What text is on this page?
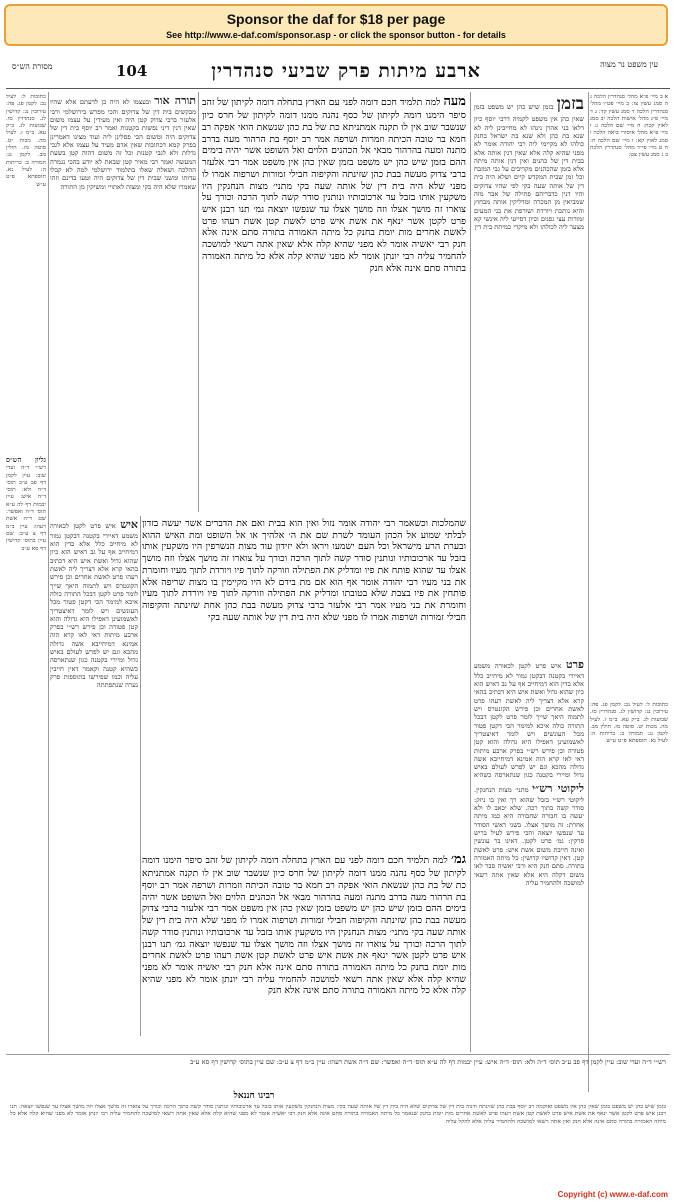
Sponsor the daf for $18 per page
See http://www.e-daf.com/sponsor.asp - or click the sponsor button - for details
מסורת הש״ס	104	ארבע מיתות פרק שביעי סנהדרין	עין משפט נר מצוה
א ב מיי׳ פ״א מהל׳ סנהדרין הלכה ג ה סמג עשין צז: ב מיי׳ פט״ו מהל׳ סנהדרין הלכה ד סמג עשין קד: ג ד מיי׳ פ״ג מהל׳ אישות הלכה יב סמג לאוין קכח: ה מיי׳ שם הלכה ג: ו מיי׳ פ״א מהל׳ איסורי ביאה הלכה ו סמג לאוין קא: ז מיי׳ שם הלכה ח: ח ט מיי׳ פי״ד מהל׳ סנהדרין הלכה ב ג סמג עשין צט:
בזמן בזמן שיש כהן יש משפט בזמן שאין כהן אין משפט לקמיה דרבי יוסף כיון דלאו בני אהרן נינהו לא מחייבינן ליה לא שנא בת כהן ולא שנא בת ישראל בחנק כולהו לא מקיימי ליה רבי יהודה אומר לא מפני שהיא קלה אלא שאין דנין אותה אלא בבית דין של כהנים ואין דנין אותה מיתה אלא בזמן שהכהנים מקריבים על גבי המזבח וכל זמן שבית המקדש קיים ושלא היה בית דין של אותה שעה בקי לפי שהיו צדוקים והיו דנין כדבריהם פתילה של אבר מזה שמביאין מן המכרה ומדליקין אותה מבחוץ והיא נותכת ויורדת ושורפת את בני המעים זמורות עצי גפנים וכיון דסייעי ליה אינשי קא מצער ליה לכולהו ולא מיקרי כמיתת בית דין
פרט איש פרט לקטן לכאורה משמע דאיירי בקטנה דבקטן גמור לא מיחייב כלל אלא בדין הוא דמיחייב אף על גב דאיש הוא כיון שהוא גדול ואשת איש היא דכתיב בהאי קרא אלא דצריך ליה לאשת רעהו פרט לאשת אחרים וכן פירש הקונטרס ויש לתמוה היאך שייך לומר פרט לקטן דבכל התורה כולה איכא למימר הכי דקטן פטור מכל העונשים ויש לומר דאיצטריך לאשמועינן דאפילו היא גדולה והוא קטן פטורה וכן פירש רש״י בפרק ארבע מיתות דאי לאו קרא הוה אמינא דמיחייבא אשה גדולה מהכא וגם יש לפרש לעולם באיש גדול ומיירי בקטנה כגון שנתארסה כשהיא
מעה למה תלמיד חכם דומה לפני עם הארץ בתחלה דומה לקיתון של זהב סיפר הימנו דומה לקיתון של כסף נהנה ממנו דומה לקיתון של חרס כיון שנשבר שוב אין לו תקנה אמתניתא כת של בת כהן שנשאת הואי אפקה רב חמא בר טובה הכיתה וזמרות ושרפה אמר רב יוסף בת הרהור מעה בדרב מתנה ומעה בהרהור מבאי אל הכהנים הלוים ואל השופט אשר יהיה בימים ההם בזמן שיש כהן יש משפט בזמן שאין כהן אין משפט אמר רבי אלעזר ברבי צדוק מעשה בבת כהן שזינתה והקיפוה חבילי זמורות ושרפוה אמרו לו מפני שלא היה בית דין של אותה שעה בקי מתני׳ מצות הנחנקין היו משקעין אותו בזבל עד ארכובותיו ונותנין סודר קשה לתוך הרכה וכורך על צוארו זה מושך אצלו וזה מושך אצלו עד שנפשו יוצאה גמ׳ תנו רבנן איש פרט לקטן אשר ינאף את אשת איש פרט לאשת קטן אשת רעהו פרט לאשת אחרים מות יומת בחנק כל מיתה האמורה בתורה סתם אינה אלא חנק רבי יאשיה אומר לא מפני שהיא קלה אלא שאין אתה רשאי למושכה להחמיר עליה רבי יונתן אומר לא מפני שהיא קלה אלא כל מיתה האמורה בתורה סתם אינה אלא חנק
שהמלכות וכשאמר רבי יהודה אומר נזול ואין הוא בבית ואם את הדברים אשר יעשה בזדון לבלתי שמוע אל הכהן העומד לשרת שם את ה׳ אלהיך או אל השופט ומת האיש ההוא ובערת הרע מישראל וכל העם ישמעו ויראו ולא יזידון עוד מצות הנשרפין היו משקעין אותו בזבל עד ארכובותיו ונותנין סודר קשה לתוך הרכה וכורך על צוארו זה מושך אצלו וזה מושך אצלו עד שהוא פותח את פיו ומדליק את הפתילה וזורקה לתוך פיו ויורדת לתוך מעיו וחומרת את בני מעיו רבי יהודה אומר אף הוא אם מת בידם לא היו מקיימין בו מצות שריפה אלא פותחין את פיו בצבת שלא בטובתו ומדליק את הפתילה וזורקה לתוך פיו ויורדת לתוך מעיו וחומרת את בני מעיו אמר רבי אלעזר ברבי צדוק מעשה בבת כהן אחת שזינתה והקיפוה חבילי זמורות ושרפוה אמרו לו מפני שלא היה בית דין של אותה שעה בקי
גמ׳ למה תלמיד חכם דומה לפני עם הארץ בתחלה דומה לקיתון של זהב סיפר הימנו דומה לקיתון של כסף נהנה ממנו דומה לקיתון של חרס כיון שנשבר שוב אין לו תקנה אמתניתא כת של בת כהן שנשאת הואי אפקה רב חמא בר טובה הכיתה וזמרות ושרפה אמר רב יוסף בת הרהור מעה בדרב מתנה ומעה בהרהור מבאי אל הכהנים הלוים ואל השופט אשר יהיה בימים ההם בזמן שיש כהן יש משפט בזמן שאין כהן אין משפט אמר רבי אלעזר ברבי צדוק מעשה בבת כהן שזינתה והקיפוה חבילי זמורות ושרפוה אמרו לו מפני שלא היה בית דין של אותה שעה בקי מתני׳ מצות הנחנקין היו משקעין אותו בזבל עד ארכובותיו ונותנין סודר קשה לתוך הרכה וכורך על צוארו זה מושך אצלו וזה מושך אצלו עד שנפשו יוצאה גמ׳ תנו רבנן איש פרט לקטן אשר ינאף את אשת איש פרט לאשת קטן אשת רעהו פרט לאשת אחרים מות יומת בחנק כל מיתה האמורה בתורה סתם אינה אלא חנק רבי יאשיה אומר לא מפני שהיא קלה אלא שאין אתה רשאי למושכה להחמיר עליה רבי יונתן אומר לא מפני שהיא קלה אלא כל מיתה האמורה בתורה סתם אינה אלא חנק
תורה אור ובעצמו לא היה כן לדעתם אלא שהיו מבקשים בית דין של צדוקים והכי מפרש בירושלמי ורבי אלעזר ברבי צדוק קטן היה ואין מעידין על עצמו משום שאין דנין דיני נפשות בקטנות ואמר רב יוסף בית דין של צדוקים היה ומשום הכי פסלינן ליה ועוד מצינו דאמרינן בפרק קמא דכתובות שאין אדם מעיד על עצמו אלא לגבי גדלות ולא לגבי קטנות וכל זה משום דהוה קטן בשעת המעשה ואמר רבי מאיר קטן שבאת לא יודע בהכי נגמרה ההלכה ושאלה שאלו בתלמוד ירושלמי למה לא קבלו עדותו ומשני שבית דין של צדוקים היה וטעו בדינם וזהו שאמרו שלא היה בקי ומצוה לאתויי ומשיקין מן התורה
איש איש פרט לקטן לכאורה משמע דאיירי בקטנה דבקטן גמור לא מיחייב כלל אלא בדין הוא דמיחייב אף על גב דאיש הוא כיון שהוא גדול ואשת איש היא דכתיב בהאי קרא אלא דצריך ליה לאשת רעהו פרט לאשת אחרים וכן פירש הקונטרס ויש לתמוה היאך שייך לומר פרט לקטן דבכל התורה כולה איכא למימר הכי דקטן פטור מכל העונשים ויש לומר דאיצטריך לאשמועינן דאפילו היא גדולה והוא קטן פטורה וכן פירש רש״י בפרק ארבע מיתות דאי לאו קרא הוה אמינא דמיחייבא אשה גדולה מהכא וגם יש לפרש לעולם באיש גדול ומיירי בקטנה כגון שנתארסה כשהיא קטנה וקאמר דאין חייבין עליה וכמו שפירשו בתוספות פרק נערה שנתפתתה
כתובות ל: לעיל נב: לקמן פג. פה: עירובין נג: קדושין לג. סנהדרין סו. שבועות לג. ב״ק עא. ב״מ ז. לעיל מה. מכות יט. סוטה מז. חולין מב. לקמן נג: תמורה ב: כריתות ה: לעיל נא. תוספתא פ״ט ע״ש
גליון הש״ס רש״י ד״ה ועדי שוב: עיין לקמן דף פב ע״ב תוס׳ ד״ה ולא: תוס׳ ד״ה איש: עיין יבמות דף לה ע״א תוס׳ ד״ה ואפשר: שם ד״ה אשת רעהו: עיין ב״מ דף צ ע״ב: שם עיין בתוס׳ קדושין דף סא ע״ב
ליקוטי רש״י מתני׳ מצות הנחנקין. ליקוטי רש״י בזבל שהוא רך ואין בו ניזק: סודר קשה בתוך רכה. שלא יכאב לו ולא יעשה בו חבורה שחבורה היא כמו מיתה אחרת: זה מושך אצלו. בשני ראשי הסודר עד שנפשו יוצאה והכי פירש לעיל בריש פרקין: גמ׳ פרט לקטן. דאינו בר עונשין ואינה חייבת משום אשת איש: פרט לאשת קטן. דאין קדושיו קדושין: כל מיתה האמורה בתורה. סתם חנק היא ורבי יאשיה סבר לאו משום דקלה היא אלא שאין אתה רשאי למושכה ולהחמיר עליה
כתובות ל: לעיל נב: לקמן פג. פה: עירובין נג: קדושין לג. סנהדרין סו. שבועות לג. ב״ק עא. ב״מ ז. לעיל מה. מכות יט. סוטה מז. חולין מב. לקמן נג: תמורה ב: כריתות ה: לעיל נא. תוספתא פ״ט ע״ש
רש״י ד״ה ועדי שוב: עיין לקמן דף פב ע״ב תוס׳ ד״ה ולא: תוס׳ ד״ה איש: עיין יבמות דף לה ע״א תוס׳ ד״ה ואפשר: שם ד״ה אשת רעהו: עיין ב״מ דף צ ע״ב: שם עיין בתוס׳ קדושין דף סא ע״ב
רבינו חננאל
בזמן שיש כהן יש משפט בזמן שאין כהן אין משפט ואוקמה רב יוסף בבת כהן שזינתה ודנוה בית דין של צדוקים שלא היה בית דין של אותה שעה בקי: מצות הנחנקין משקעין אותו בזבל עד ארכובותיו ונותנין סודר קשה בתוך הרכה וכורך על צוארו זה מושך אצלו וזה מושך אצלו עד שנפשו יוצאה: תנו רבנן איש פרט לקטן אשר ינאף את אשת איש פרט לאשת קטן אשת רעהו פרט לאשת אחרים מות יומת בחנק שנאמר כל מיתה האמורה בתורה סתם אינה אלא חנק רבי יאשיה אומר לא מפני שהיא קלה אלא שאין אתה רשאי למושכה להחמיר עליה רבי יונתן אומר לא מפני שהיא קלה אלא כל מיתה האמורה בתורה סתם אינה אלא חנק ואין אתה רשאי למושכה ולהחמיר עליה אלא להקל עליה
Copyright (c) www.e-daf.com
